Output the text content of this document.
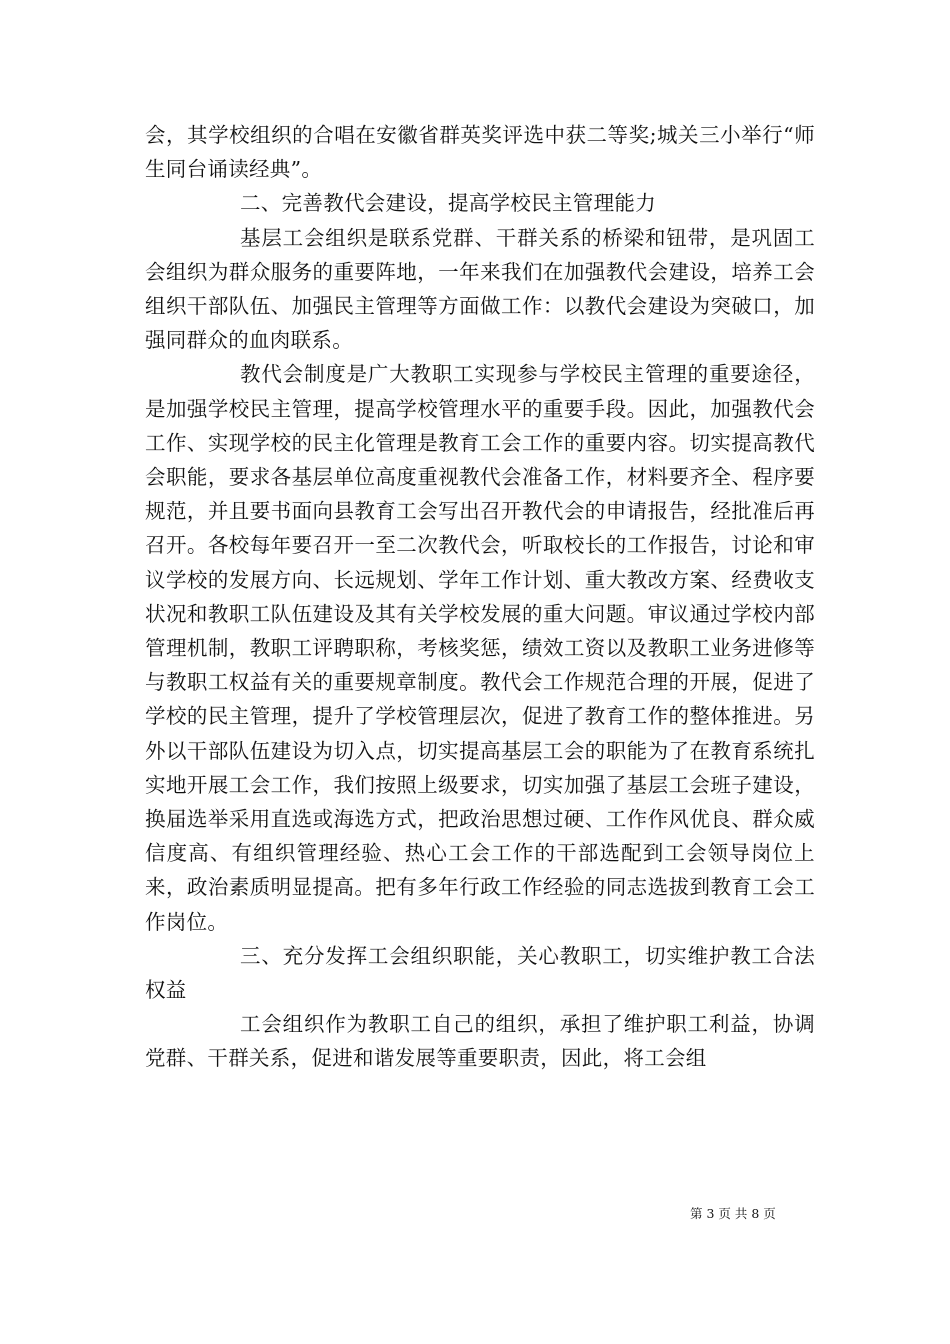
会，其学校组织的合唱在安徽省群英奖评选中获二等奖;城关三小举行“师生同台诵读经典”。

二、完善教代会建设，提高学校民主管理能力

基层工会组织是联系党群、干群关系的桥梁和钮带，是巩固工会组织为群众服务的重要阵地，一年来我们在加强教代会建设，培养工会组织干部队伍、加强民主管理等方面做工作：以教代会建设为突破口，加强同群众的血肉联系。

教代会制度是广大教职工实现参与学校民主管理的重要途径，是加强学校民主管理，提高学校管理水平的重要手段。因此，加强教代会工作、实现学校的民主化管理是教育工会工作的重要内容。切实提高教代会职能，要求各基层单位高度重视教代会准备工作，材料要齐全、程序要规范，并且要书面向县教育工会写出召开教代会的申请报告，经批准后再召开。各校每年要召开一至二次教代会，听取校长的工作报告，讨论和审议学校的发展方向、长远规划、学年工作计划、重大教改方案、经费收支状况和教职工队伍建设及其有关学校发展的重大问题。审议通过学校内部管理机制，教职工评聘职称，考核奖惩，绩效工资以及教职工业务进修等与教职工权益有关的重要规章制度。教代会工作规范合理的开展，促进了学校的民主管理，提升了学校管理层次，促进了教育工作的整体推进。另外以干部队伍建设为切入点，切实提高基层工会的职能为了在教育系统扎实地开展工会工作，我们按照上级要求，切实加强了基层工会班子建设，换届选举采用直选或海选方式，把政治思想过硬、工作作风优良、群众威信度高、有组织管理经验、热心工会工作的干部选配到工会领导岗位上来，政治素质明显提高。把有多年行政工作经验的同志选拔到教育工会工作岗位。

三、充分发挥工会组织职能，关心教职工，切实维护教工合法权益

工会组织作为教职工自己的组织，承担了维护职工利益，协调党群、干群关系，促进和谐发展等重要职责，因此，将工会组

第 3 页 共 8 页
